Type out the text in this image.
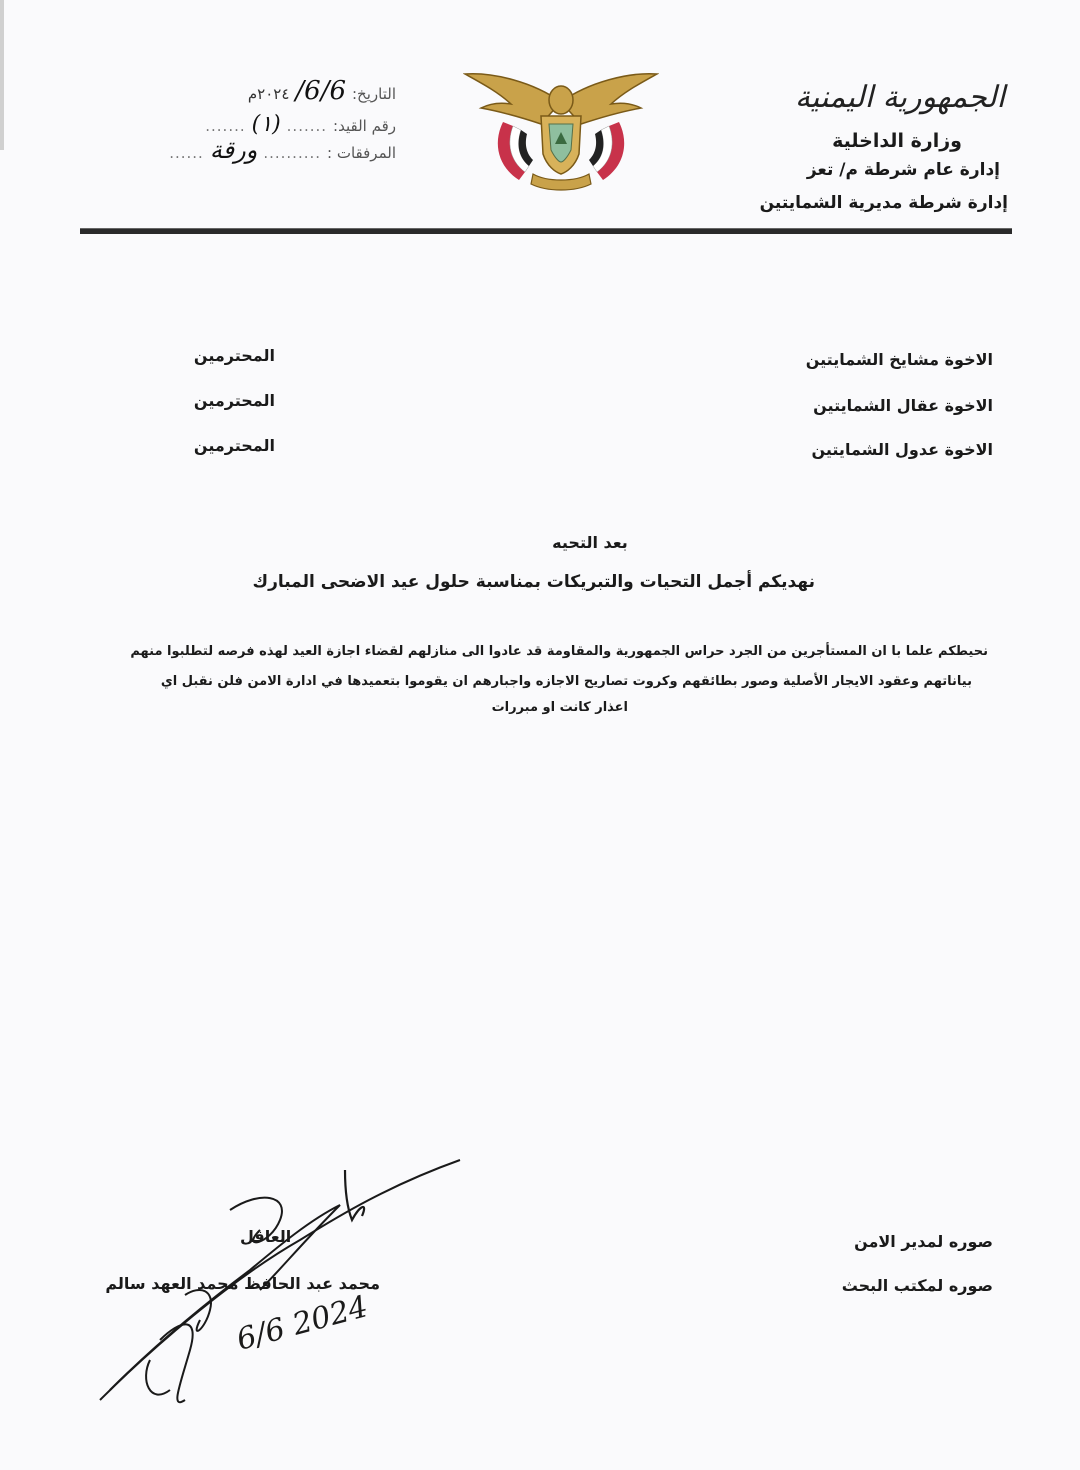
الجمهورية اليمنية
وزارة الداخلية
إدارة عام شرطة م/ تعز
إدارة شرطة مديرية الشمايتين
التاريخ:
6/6/
٢٠٢٤م
رقم القيد:
.......
(١)
.......
المرفقات :
..........
ورقة
......
الاخوة مشايخ الشمايتين
المحترمين
الاخوة عقال الشمايتين
المحترمين
الاخوة عدول الشمايتين
المحترمين
بعد التحيه
نهديكم أجمل التحيات والتبريكات بمناسبة حلول عيد الاضحى المبارك
نحيطكم علما با ان المستأجرين من الجرد حراس الجمهورية والمقاومة قد عادوا الى منازلهم لقضاء اجازة العيد لهذه فرصه لتطلبوا منهم
بياناتهم وعقود الايجار الأصلية وصور بطائقهم وكروت تصاريح الاجازه واجبارهم ان يقوموا بتعميدها في ادارة الامن فلن نقبل اي
اعذار كانت او مبررات
صوره لمدير الامن
صوره لمكتب البحث
6/6 2024
العاقل
محمد عبد الحافظ محمد العهد سالم
